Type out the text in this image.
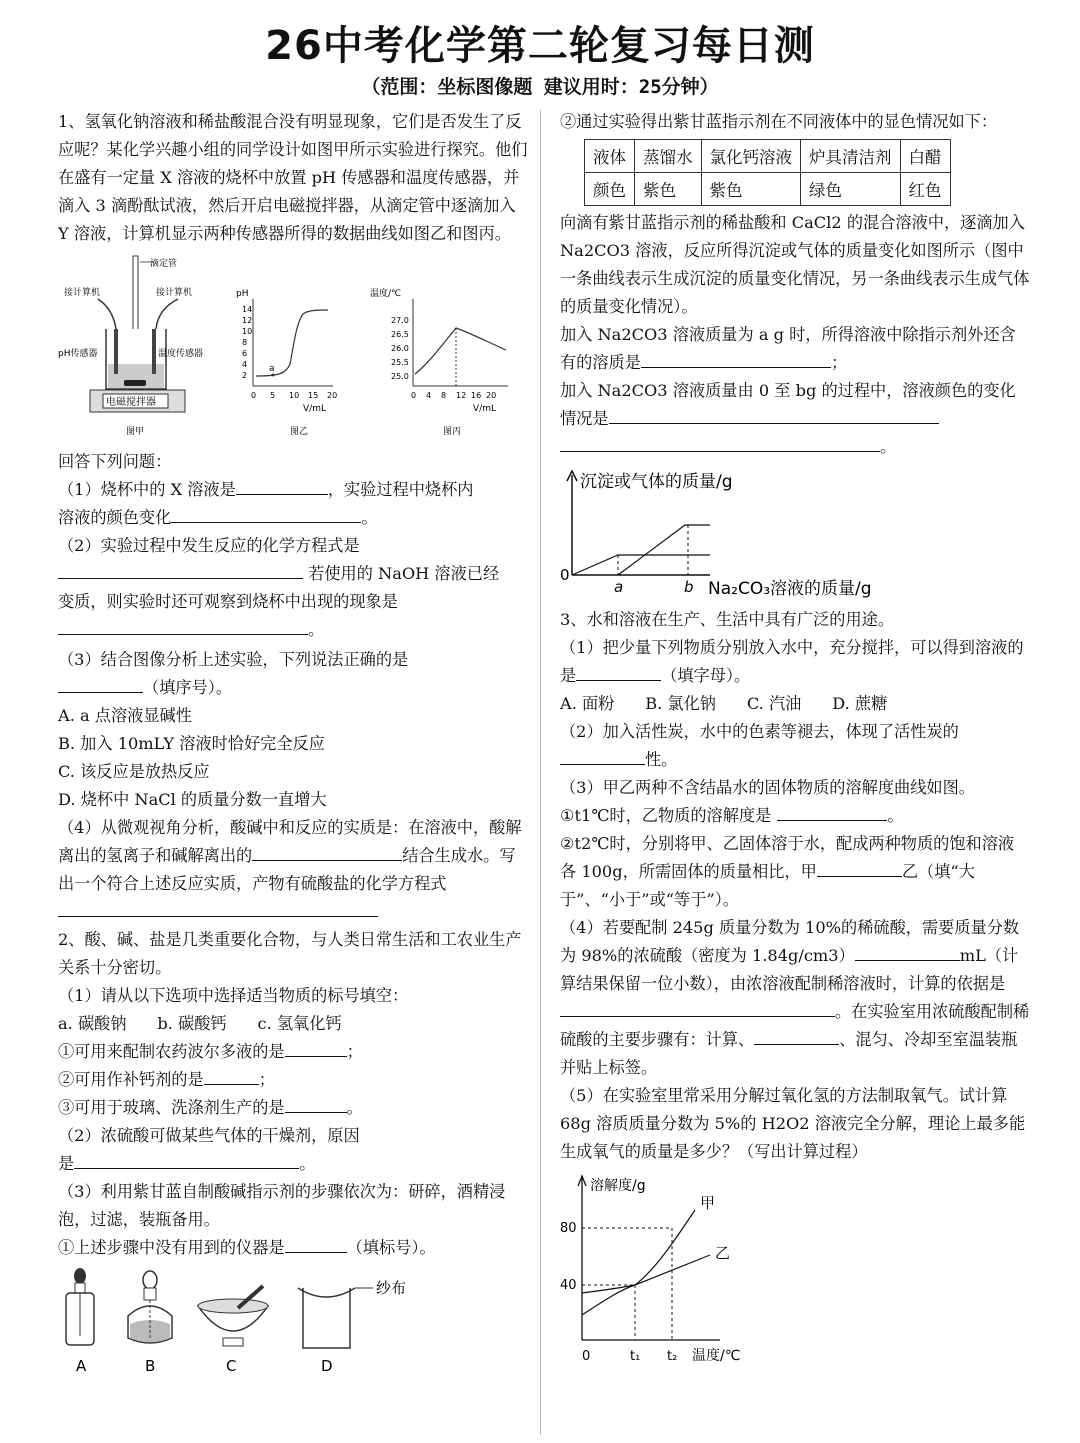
26中考化学第二轮复习每日测
（范围：坐标图像题 建议用时：25分钟）
1、氢氧化钠溶液和稀盐酸混合没有明显现象，它们是否发生了反应呢？某化学兴趣小组的同学设计如图甲所示实验进行探究。他们在盛有一定量 X 溶液的烧杯中放置 pH 传感器和温度传感器，并滴入 3 滴酚酞试液，然后开启电磁搅拌器，从滴定管中逐滴加入 Y 溶液，计算机显示两种传感器所得的数据曲线如图乙和图丙。
滴定管
接计算机	接计算机
pH传感器	温度传感器
电磁搅拌器
图甲
pH
2
4
6
8
10
12
14
0 5 10 15 20
a
V/mL
图乙
温度/℃
25.0
25.5
26.0
26.5
27.0
0 4 8 12 16 20
V/mL
图丙
回答下列问题：
（1）烧杯中的 X 溶液是	，实验过程中烧杯内
溶液的颜色变化	。
（2）实验过程中发生反应的化学方程式是
若使用的 NaOH 溶液已经
变质，则实验时还可观察到烧杯中出现的现象是
。
（3）结合图像分析上述实验，下列说法正确的是
（填序号）。
A. a 点溶液显碱性
B. 加入 10mLY 溶液时恰好完全反应
C. 该反应是放热反应
D. 烧杯中 NaCl 的质量分数一直增大
（4）从微观视角分析，酸碱中和反应的实质是：在溶液中，酸解离出的氢离子和碱解离出的	结合生成水。写出一个符合上述反应实质，产物有硫酸盐的化学方程式
2、酸、碱、盐是几类重要化合物，与人类日常生活和工农业生产关系十分密切。
（1）请从以下选项中选择适当物质的标号填空：
a. 碳酸钠      b. 碳酸钙      c. 氢氧化钙
①可用来配制农药波尔多液的是	；
②可用作补钙剂的是	；
③可用于玻璃、洗涤剂生产的是	。
（2）浓硫酸可做某些气体的干燥剂，原因
是	。
（3）利用紫甘蓝自制酸碱指示剂的步骤依次为：研碎，酒精浸泡，过滤，装瓶备用。
①上述步骤中没有用到的仪器是	（填标号）。
纱布
A	B	C	D
②通过实验得出紫甘蓝指示剂在不同液体中的显色情况如下：
液体	蒸馏水	氯化钙溶液	炉具清洁剂	白醋
颜色	紫色	紫色	绿色	红色
向滴有紫甘蓝指示剂的稀盐酸和 CaCl2 的混合溶液中，逐滴加入 Na2CO3 溶液，反应所得沉淀或气体的质量变化如图所示（图中一条曲线表示生成沉淀的质量变化情况，另一条曲线表示生成气体的质量变化情况）。
加入 Na2CO3 溶液质量为 a g 时，所得溶液中除指示剂外还含有的溶质是	；
加入 Na2CO3 溶液质量由 0 至 bg 的过程中，溶液颜色的变化情况是
。
沉淀或气体的质量/g
0
a	b Na₂CO₃溶液的质量/g
3、水和溶液在生产、生活中具有广泛的用途。
（1）把少量下列物质分别放入水中，充分搅拌，可以得到溶液的是	（填字母）。
A. 面粉      B. 氯化钠      C. 汽油      D. 蔗糖
（2）加入活性炭，水中的色素等褪去，体现了活性炭的性。
（3）甲乙两种不含结晶水的固体物质的溶解度曲线如图。
①t1℃时，乙物质的溶解度是	。
②t2℃时，分别将甲、乙固体溶于水，配成两种物质的饱和溶液各 100g，所需固体的质量相比，甲	乙（填“大于”、“小于”或“等于”）。
（4）若要配制 245g 质量分数为 10%的稀硫酸，需要质量分数为 98%的浓硫酸（密度为 1.84g/cm3）	mL（计算结果保留一位小数），由浓溶液配制稀溶液时，计算的依据是。在实验室用浓硫酸配制稀硫酸的主要步骤有：计算、	、混匀、冷却至室温装瓶并贴上标签。
（5）在实验室里常采用分解过氧化氢的方法制取氧气。试计算 68g 溶质质量分数为 5%的 H2O2 溶液完全分解，理论上最多能生成氧气的质量是多少？（写出计算过程）
溶解度/g
80
40
甲
乙
0	t₁ t₂ 温度/℃
